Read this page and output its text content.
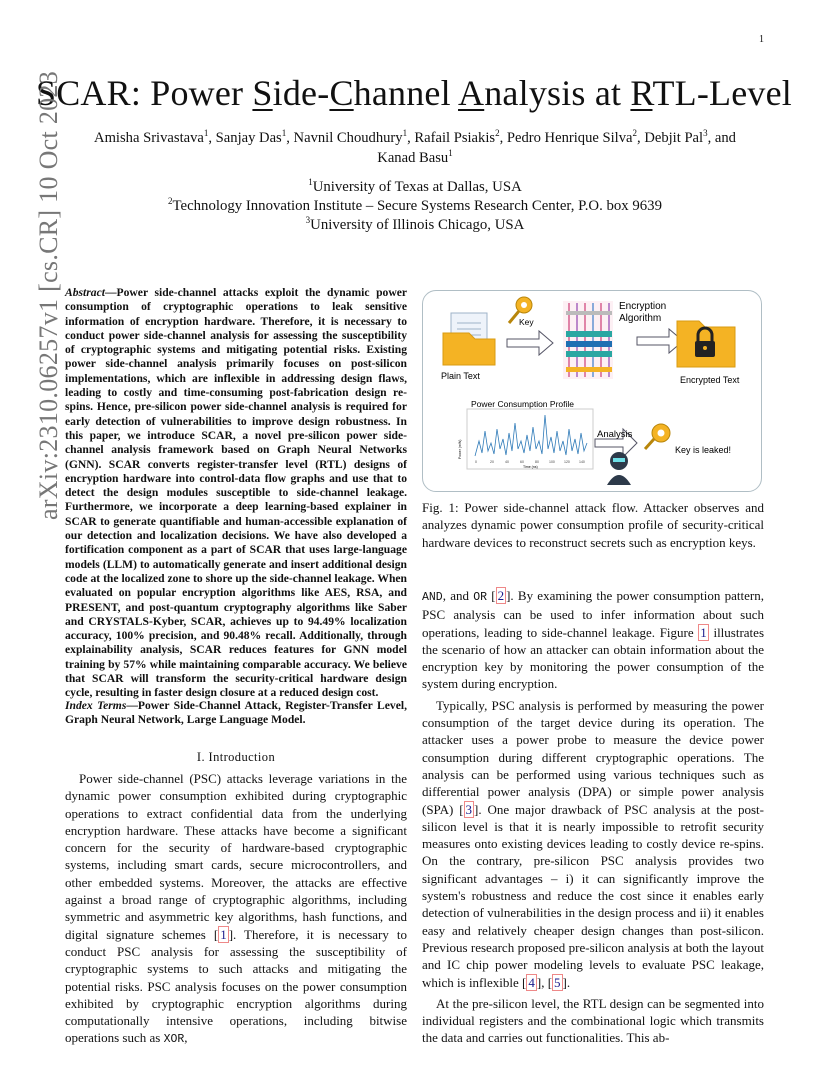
1
SCAR: Power Side-Channel Analysis at RTL-Level
Amisha Srivastava$^1$, Sanjay Das$^1$, Navnil Choudhury$^1$, Rafail Psiakis$^2$, Pedro Henrique Silva$^2$, Debjit Pal$^3$, and
Kanad Basu$^1$
$^1$University of Texas at Dallas, USA
$^2$Technology Innovation Institute – Secure Systems Research Center, P.O. box 9639
$^3$University of Illinois Chicago, USA
arXiv:2310.06257v1 [cs.CR] 10 Oct 2023 Abstract—Power side-channel attacks exploit the dynamic power consumption of cryptographic operations to leak sensitive information of encryption hardware. Therefore, it is necessary to conduct power side-channel analysis for assessing the susceptibility of cryptographic systems and mitigating potential risks. Existing power side-channel analysis primarily focuses on post-silicon implementations, which are inflexible in addressing design flaws, leading to costly and time-consuming post-fabrication design re-spins. Hence, pre-silicon power side-channel analysis is required for early detection of vulnerabilities to improve design robustness. In this paper, we introduce SCAR, a novel pre-silicon power side-channel analysis framework based on Graph Neural Networks (GNN). SCAR converts register-transfer level (RTL) designs of encryption hardware into control-data flow graphs and use that to detect the design modules susceptible to side-channel leakage. Furthermore, we incorporate a deep learning-based explainer in SCAR to generate quantifiable and human-accessible explanation of our detection and localization decisions. We have also developed a fortification component as a part of SCAR that uses large-language models (LLM) to automatically generate and insert additional design code at the localized zone to shore up the side-channel leakage. When evaluated on popular encryption algorithms like AES, RSA, and PRESENT, and post-quantum cryptography algorithms like Saber and CRYSTALS-Kyber, SCAR, achieves up to 94.49% localization accuracy, 100% precision, and 90.48% recall. Additionally, through explainability analysis, SCAR reduces features for GNN model training by 57% while maintaining comparable accuracy. We believe that SCAR will transform the security-critical hardware design cycle, resulting in faster design closure at a reduced design cost.
Index Terms—Power Side-Channel Attack, Register-Transfer Level, Graph Neural Network, Large Language Model.
I. Introduction
Power side-channel (PSC) attacks leverage variations in the dynamic power consumption exhibited during cryptographic operations to extract confidential data from the underlying encryption hardware. These attacks have become a significant concern for the security of hardware-based cryptographic systems, including smart cards, secure microcontrollers, and other embedded systems. Moreover, the attacks are effective against a broad range of cryptographic algorithms, including symmetric and asymmetric key algorithms, hash functions, and digital signature schemes [ 1 ]. Therefore, it is necessary to conduct PSC analysis for assessing the susceptibility of cryptographic systems to such attacks and mitigating the potential risks. PSC analysis focuses on the power consumption exhibited by cryptographic encryption algorithms during computationally intensive operations, including bitwise operations such as XOR,
Plain Text
Key
Encryption
Algorithm
Encrypted Text
Power Consumption Profile
Power (mW)
0	20	40	60	80	100	120	140
Time (ns)
Analysis
Key is leaked!
Fig. 1: Power side-channel attack flow. Attacker observes and analyzes dynamic power consumption profile of security-critical hardware devices to reconstruct secrets such as encryption keys.
AND, and OR [ 2 ]. By examining the power consumption pattern, PSC analysis can be used to infer information about such operations, leading to side-channel leakage. Figure 1 illustrates the scenario of how an attacker can obtain information about the encryption key by monitoring the power consumption of the system during encryption.
Typically, PSC analysis is performed by measuring the power consumption of the target device during its operation. The attacker uses a power probe to measure the device power consumption during different cryptographic operations. The analysis can be performed using various techniques such as differential power analysis (DPA) or simple power analysis (SPA) [ 3 ]. One major drawback of PSC analysis at the post-silicon level is that it is nearly impossible to retrofit security measures onto existing devices leading to costly device re-spins. On the contrary, pre-silicon PSC analysis provides two significant advantages – i) it can significantly improve the system's robustness and reduce the cost since it enables early detection of vulnerabilities in the design process and ii) it enables easy and relatively cheaper design changes than post-silicon. Previous research proposed pre-silicon analysis at both the layout and IC chip power modeling levels to evaluate PSC leakage, which is inflexible [ 4 ], [ 5 ].
At the pre-silicon level, the RTL design can be segmented into individual registers and the combinational logic which transmits the data and carries out functionalities. This ab-
